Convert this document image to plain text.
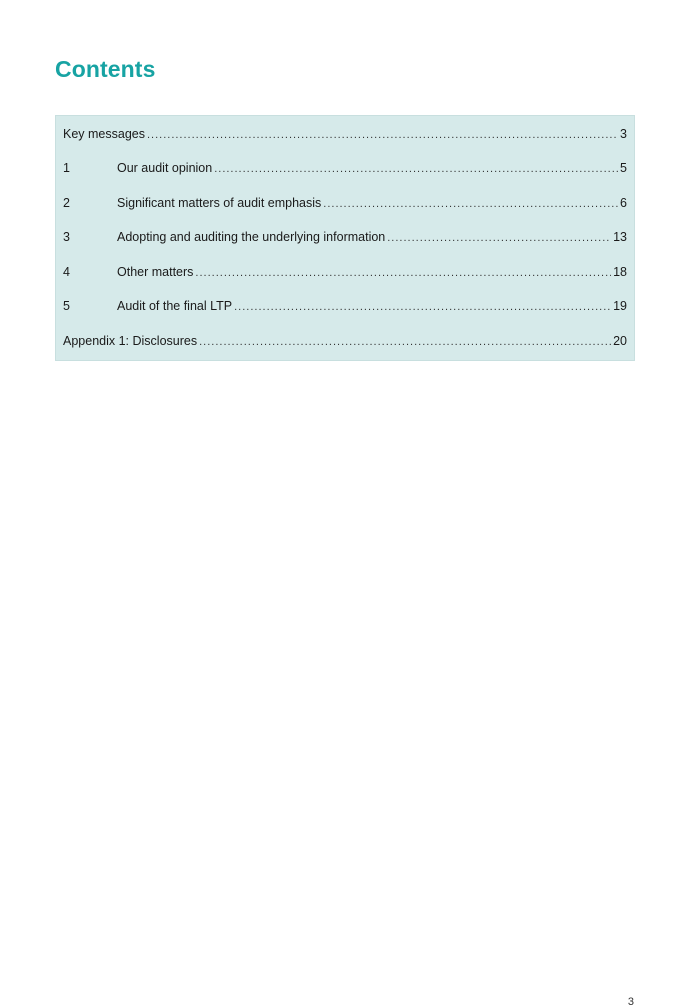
Contents
Key messages .....	3
1	Our audit opinion .....	5
2	Significant matters of audit emphasis .....	6
3	Adopting and auditing the underlying information .....	13
4	Other matters .....	18
5	Audit of the final LTP .....	19
Appendix 1: Disclosures .....	20
3
